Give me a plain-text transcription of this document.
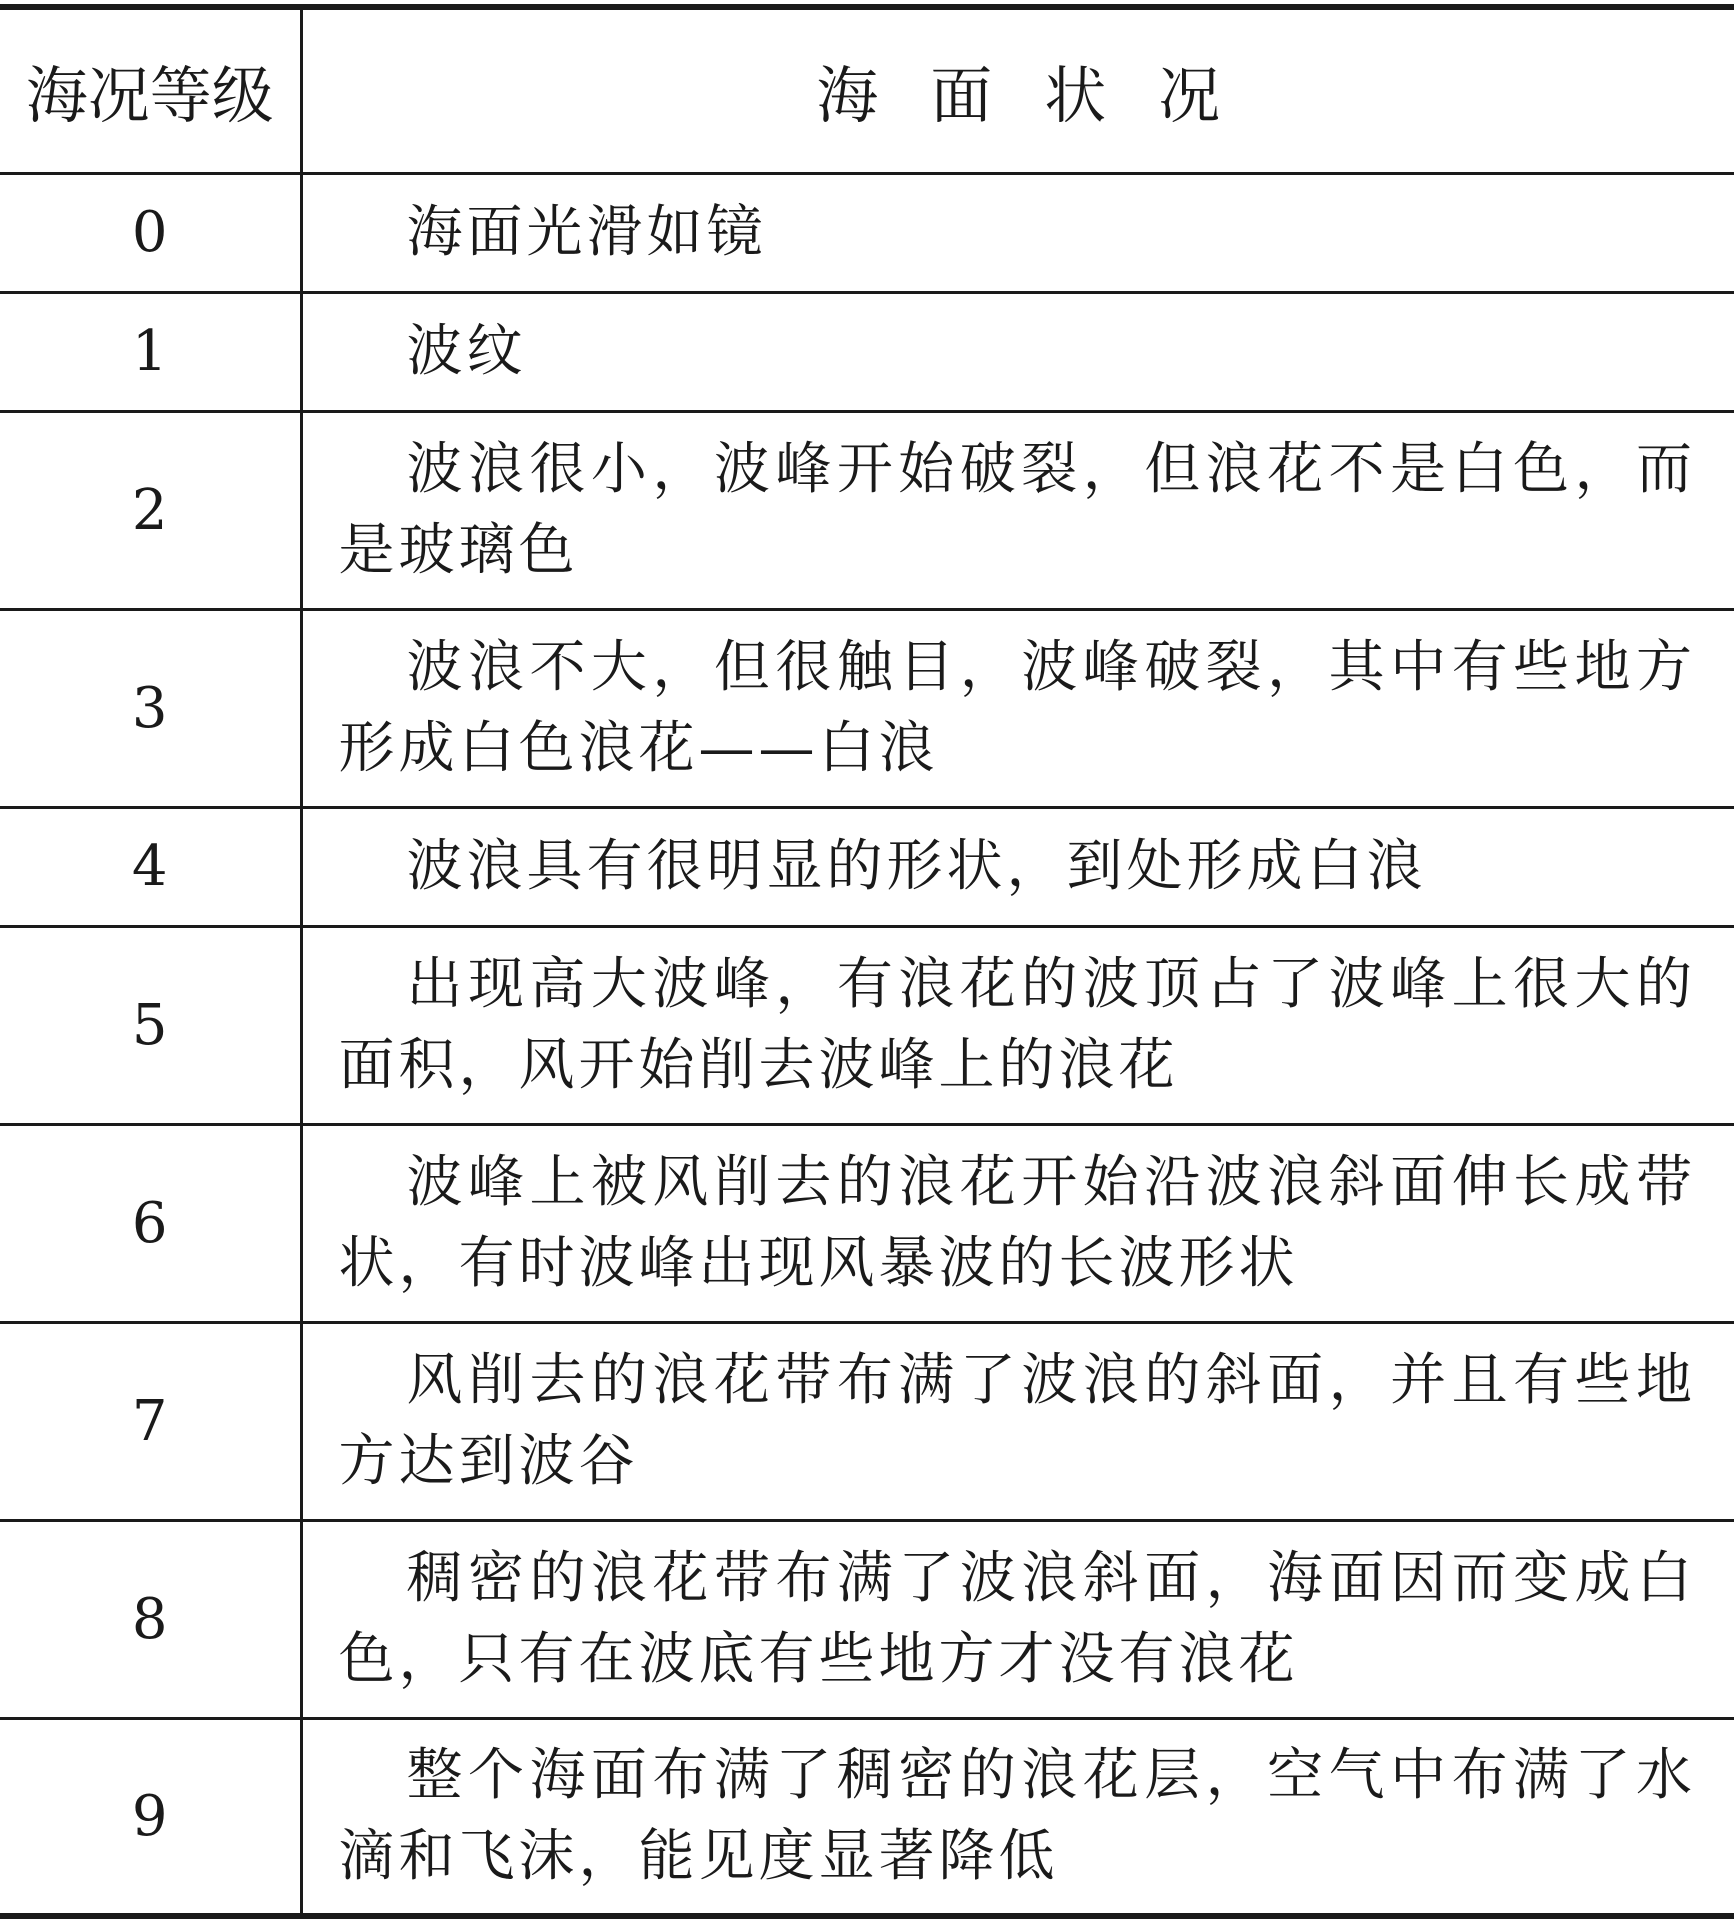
海况等级	海面状况
0	海面光滑如镜
1	波纹
2	波浪很小，波峰开始破裂，但浪花不是白色，而是玻璃色
3	波浪不大，但很触目，波峰破裂，其中有些地方形成白色浪花——白浪
4	波浪具有很明显的形状，到处形成白浪
5	出现高大波峰，有浪花的波顶占了波峰上很大的面积，风开始削去波峰上的浪花
6	波峰上被风削去的浪花开始沿波浪斜面伸长成带状，有时波峰出现风暴波的长波形状
7	风削去的浪花带布满了波浪的斜面，并且有些地方达到波谷
8	稠密的浪花带布满了波浪斜面，海面因而变成白色，只有在波底有些地方才没有浪花
9	整个海面布满了稠密的浪花层，空气中布满了水滴和飞沫，能见度显著降低
